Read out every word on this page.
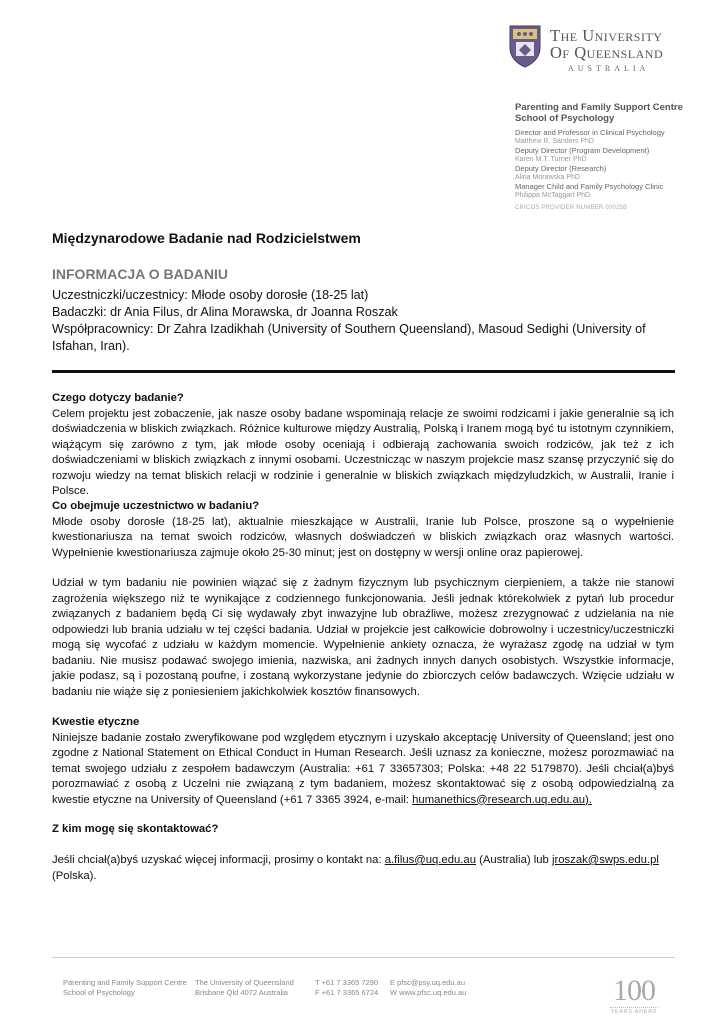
The University
Of Queensland
AUSTRALIA
Parenting and Family Support Centre
School of Psychology
Director and Professor in Clinical Psychology
Matthew R. Sanders PhD
Deputy Director (Program Development)
Karen M.T. Turner PhD
Deputy Director (Research)
Alina Morawska PhD
Manager Child and Family Psychology Clinic
Philippa McTaggart PhD
CRICOS PROVIDER NUMBER 00025B
Międzynarodowe Badanie nad Rodzicielstwem
INFORMACJA O BADANIU
Uczestniczki/uczestnicy: Młode osoby dorosłe (18-25 lat)
Badaczki: dr Ania Filus, dr Alina Morawska, dr Joanna Roszak
Współpracownicy: Dr Zahra Izadikhah (University of Southern Queensland), Masoud Sedighi (University of Isfahan, Iran).
Czego dotyczy badanie?

Celem projektu jest zobaczenie, jak nasze osoby badane wspominają relacje ze swoimi rodzicami i jakie generalnie są ich doświadczenia w bliskich związkach. Różnice kulturowe między Australią, Polską i Iranem mogą być tu istotnym czynnikiem, wiążącym się zarówno z tym, jak młode osoby oceniają i odbierają zachowania swoich rodziców, jak też z ich doświadczeniami w bliskich związkach z innymi osobami. Uczestnicząc w naszym projekcie masz szansę przyczynić się do rozwoju wiedzy na temat bliskich relacji w rodzinie i generalnie w bliskich związkach międzyludzkich, w Australii, Iranie i Polsce.

Co obejmuje uczestnictwo w badaniu?

Młode osoby dorosłe (18-25 lat), aktualnie mieszkające w Australii, Iranie lub Polsce, proszone są o wypełnienie kwestionariusza na temat swoich rodziców, własnych doświadczeń w bliskich związkach oraz własnych wartości. Wypełnienie kwestionariusza zajmuje około 25-30 minut; jest on dostępny w wersji online oraz papierowej.

Udział w tym badaniu nie powinien wiązać się z żadnym fizycznym lub psychicznym cierpieniem, a także nie stanowi zagrożenia większego niż te wynikające z codziennego funkcjonowania. Jeśli jednak którekolwiek z pytań lub procedur związanych z badaniem będą Ci się wydawały zbyt inwazyjne lub obraźliwe, możesz zrezygnować z udzielania na nie odpowiedzi lub brania udziału w tej części badania. Udział w projekcie jest całkowicie dobrowolny i uczestnicy/uczestniczki mogą się wycofać z udziału w każdym momencie. Wypełnienie ankiety oznacza, że wyrażasz zgodę na udział w tym badaniu. Nie musisz podawać swojego imienia, nazwiska, ani żadnych innych danych osobistych. Wszystkie informacje, jakie podasz, są i pozostaną poufne, i zostaną wykorzystane jedynie do zbiorczych celów badawczych. Wzięcie udziału w badaniu nie wiąże się z poniesieniem jakichkolwiek kosztów finansowych.

Kwestie etyczne

Niniejsze badanie zostało zweryfikowane pod względem etycznym i uzyskało akceptację University of Queensland; jest ono zgodne z National Statement on Ethical Conduct in Human Research. Jeśli uznasz za konieczne, możesz porozmawiać na temat swojego udziału z zespołem badawczym (Australia: +61 7 33657303; Polska: +48 22 5179870). Jeśli chciał(a)byś porozmawiać z osobą z Uczelni nie związaną z tym badaniem, możesz skontaktować się z osobą odpowiedzialną za kwestie etyczne na University of Queensland (+61 7 3365 3924, e-mail: humanethics@research.uq.edu.au).

Z kim mogę się skontaktować?

Jeśli chciał(a)byś uzyskać więcej informacji, prosimy o kontakt na: a.filus@uq.edu.au (Australia) lub jroszak@swps.edu.pl
(Polska).

Parenting and Family Support Centre
School of Psychology
The University of Queensland
Brisbane Qld 4072 Australia
T +61 7 3365 7290
F +61 7 3365 6724
E pfsc@psy.uq.edu.au
W www.pfsc.uq.edu.au	100
YEARS AHEAD
